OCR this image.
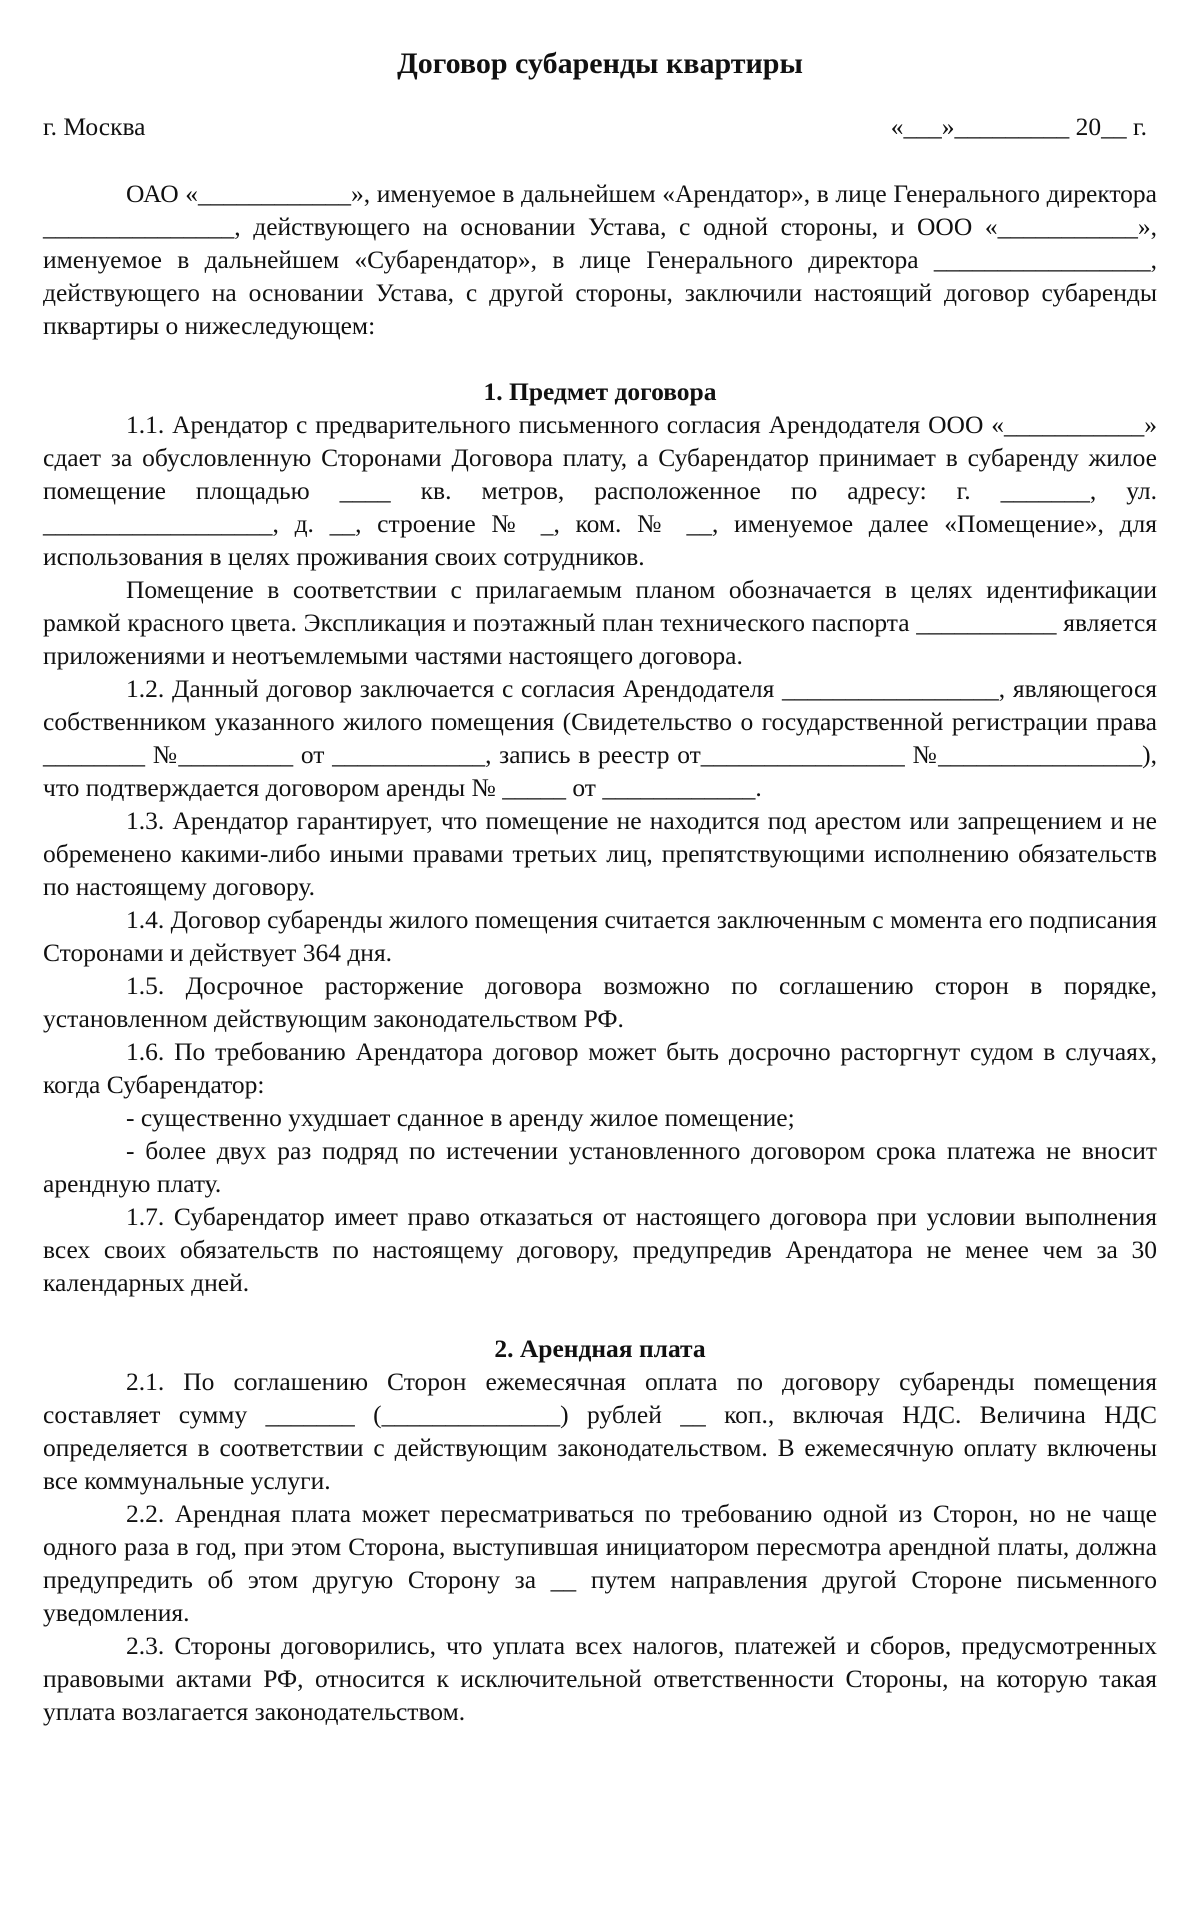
Договор субаренды квартиры
г. Москва	«___»_________ 20__ г.

ОАО «____________», именуемое в дальнейшем «Арендатор», в лице Генерального директора _______________, действующего на основании Устава, с одной стороны, и ООО «___________», именуемое в дальнейшем «Субарендатор», в лице Генерального директора _________________, действующего на основании Устава, с другой стороны, заключили настоящий договор субаренды пквартиры о нижеследующем:

1. Предмет договора

1.1. Арендатор с предварительного письменного согласия Арендодателя ООО «___________» сдает за обусловленную Сторонами Договора плату, а Субарендатор принимает в субаренду жилое помещение площадью ____ кв. метров, расположенное по адресу: г. _______, ул. __________________, д. __, строение № _, ком. № __, именуемое далее «Помещение», для использования в целях проживания своих сотрудников.

Помещение в соответствии с прилагаемым планом обозначается в целях идентификации рамкой красного цвета. Экспликация и поэтажный план технического паспорта ___________ является приложениями и неотъемлемыми частями настоящего договора.

1.2. Данный договор заключается с согласия Арендодателя _________________, являющегося собственником указанного жилого помещения (Свидетельство о государственной регистрации права ________ №_________ от ____________, запись в реестр от________________ №________________), что подтверждается договором аренды № _____ от ____________.

1.3. Арендатор гарантирует, что помещение не находится под арестом или запрещением и не обременено какими-либо иными правами третьих лиц, препятствующими исполнению обязательств по настоящему договору.

1.4. Договор субаренды жилого помещения считается заключенным с момента его подписания Сторонами и действует 364 дня.

1.5. Досрочное расторжение договора возможно по соглашению сторон в порядке, установленном действующим законодательством РФ.

1.6. По требованию Арендатора договор может быть досрочно расторгнут судом в случаях, когда Субарендатор:

- существенно ухудшает сданное в аренду жилое помещение;

- более двух раз подряд по истечении установленного договором срока платежа не вносит арендную плату.

1.7. Субарендатор имеет право отказаться от настоящего договора при условии выполнения всех своих обязательств по настоящему договору, предупредив Арендатора не менее чем за 30 календарных дней.

2. Арендная плата

2.1. По соглашению Сторон ежемесячная оплата по договору субаренды помещения составляет сумму _______ (______________) рублей __ коп., включая НДС. Величина НДС определяется в соответствии с действующим законодательством. В ежемесячную оплату включены все коммунальные услуги.

2.2. Арендная плата может пересматриваться по требованию одной из Сторон, но не чаще одного раза в год, при этом Сторона, выступившая инициатором пересмотра арендной платы, должна предупредить об этом другую Сторону за __ путем направления другой Стороне письменного уведомления.

2.3. Стороны договорились, что уплата всех налогов, платежей и сборов, предусмотренных правовыми актами РФ, относится к исключительной ответственности Стороны, на которую такая уплата возлагается законодательством.
